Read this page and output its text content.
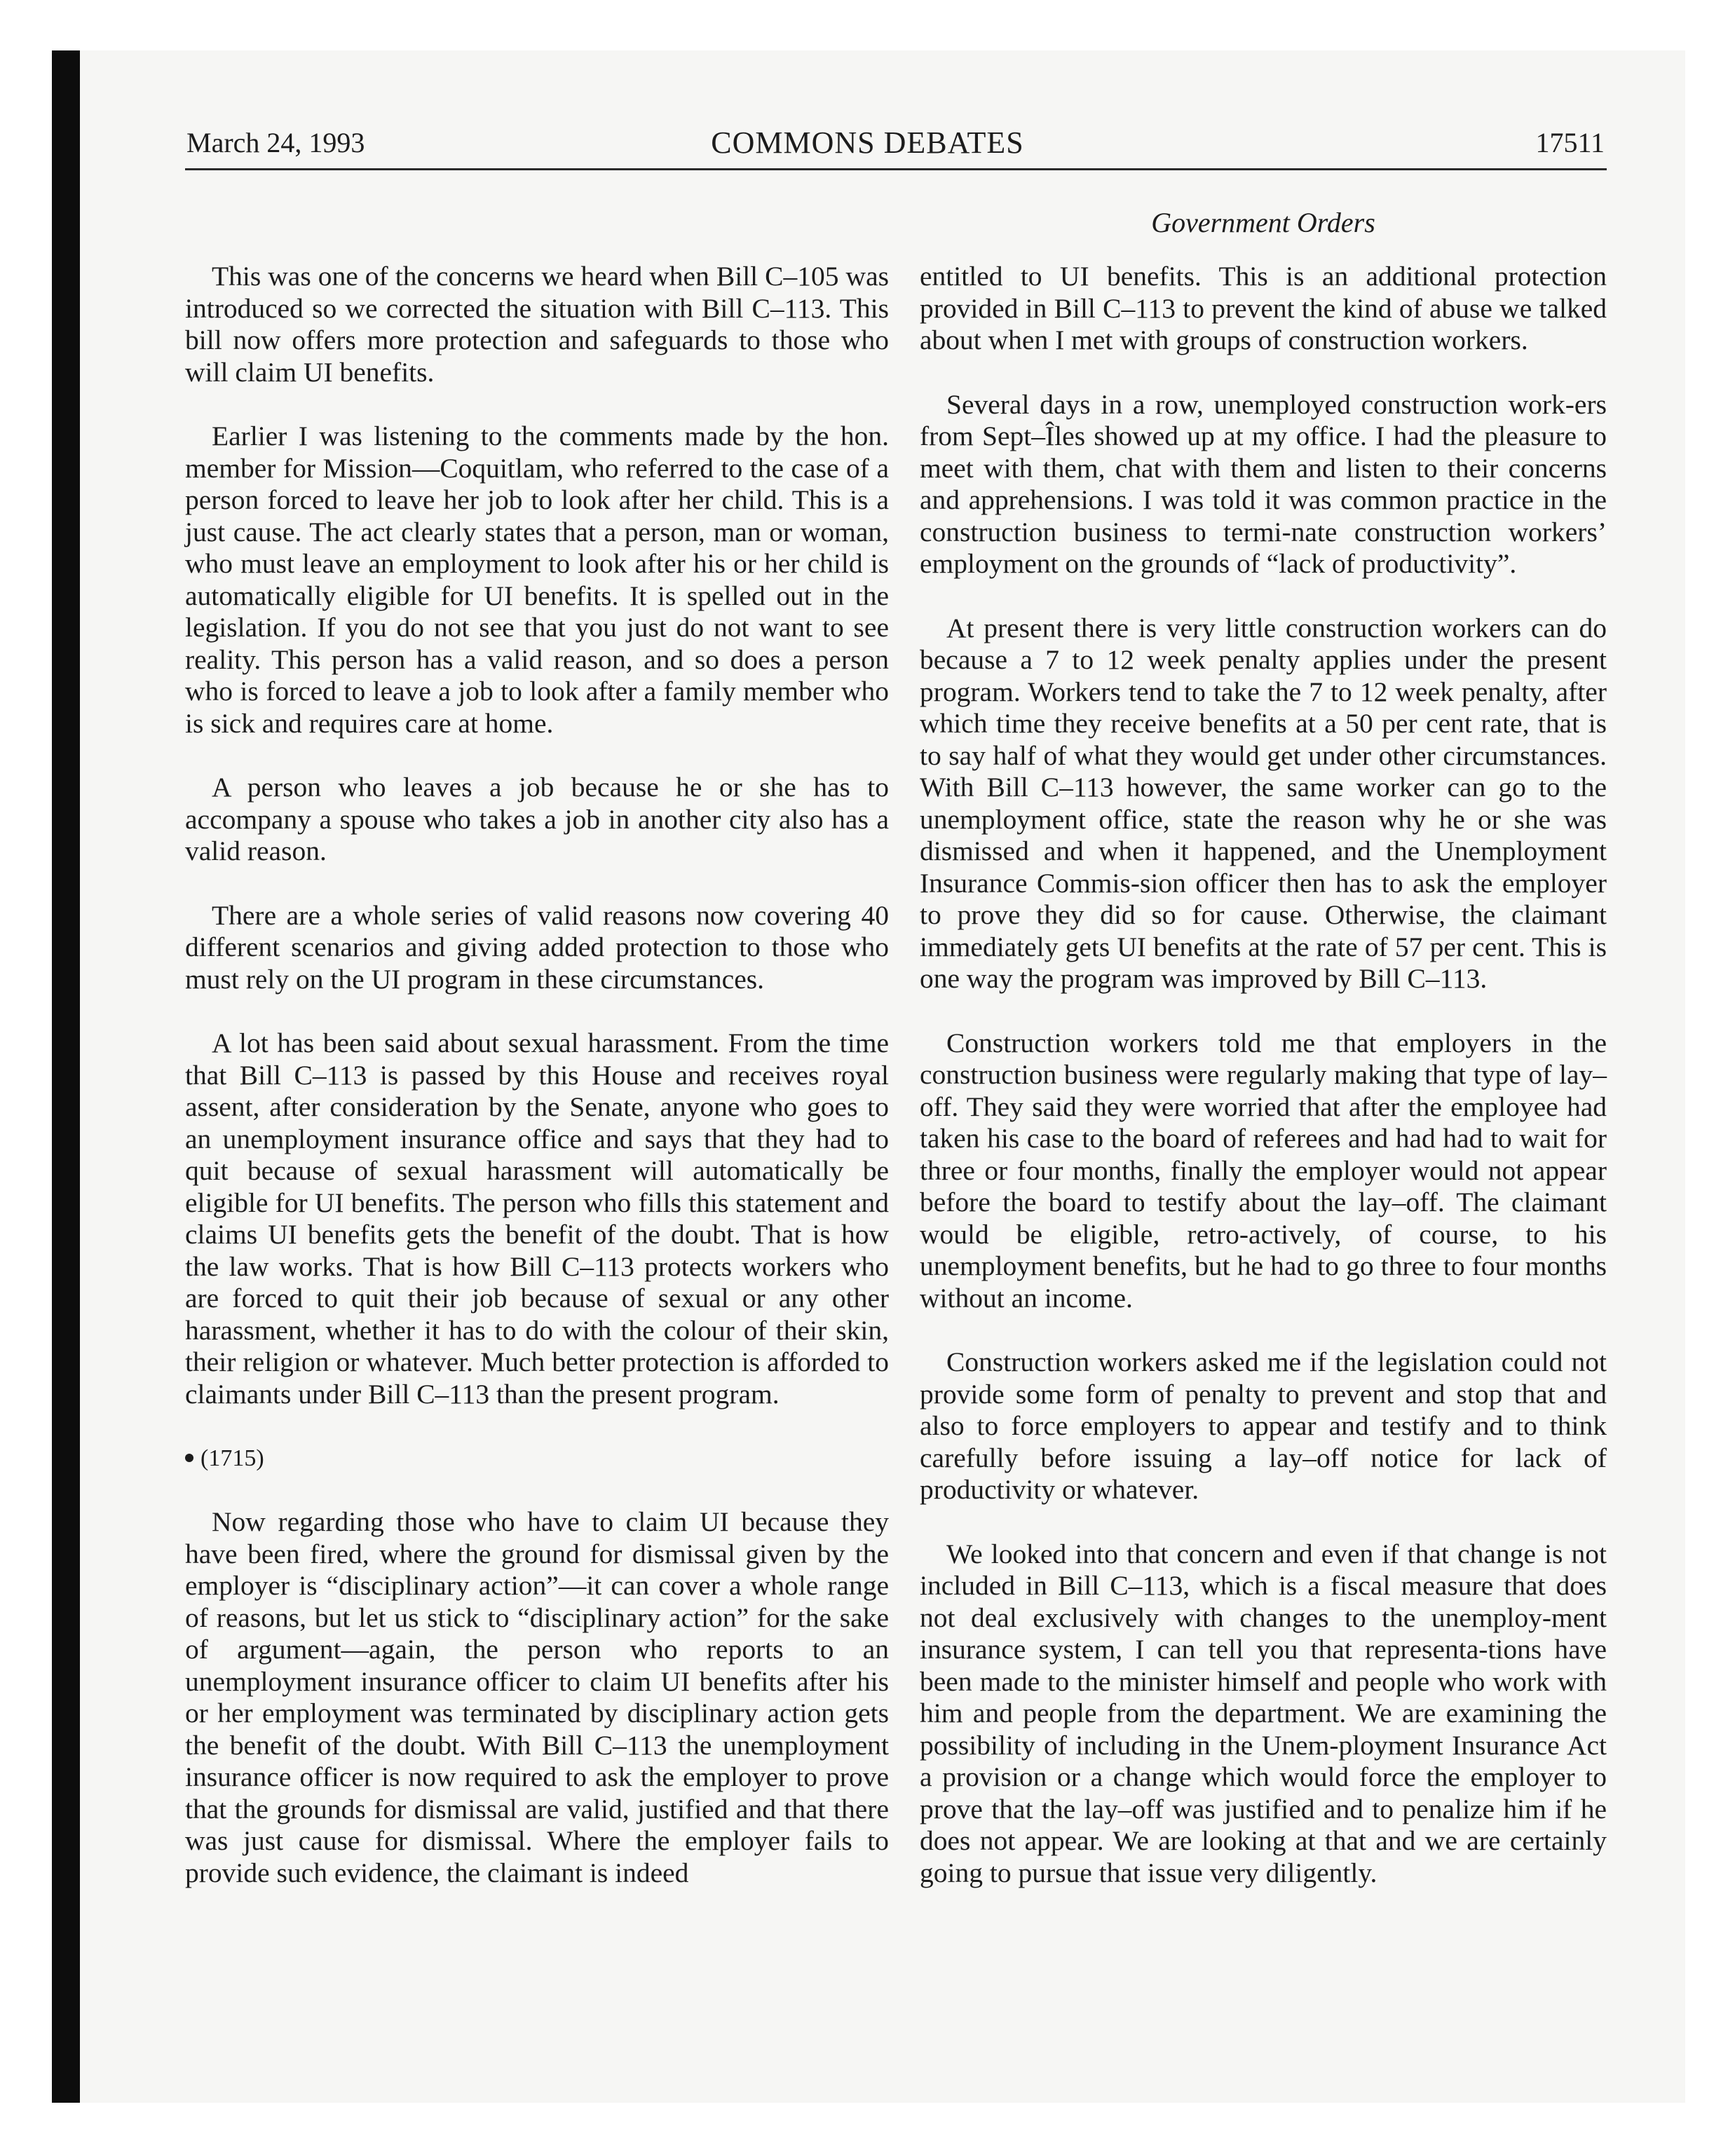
March 24, 1993	COMMONS DEBATES	17511
Government Orders

This was one of the concerns we heard when Bill C–105 was introduced so we corrected the situation with Bill C–113. This bill now offers more protection and safeguards to those who will claim UI benefits.

Earlier I was listening to the comments made by the hon. member for Mission—Coquitlam, who referred to the case of a person forced to leave her job to look after her child. This is a just cause. The act clearly states that a person, man or woman, who must leave an employment to look after his or her child is automatically eligible for UI benefits. It is spelled out in the legislation. If you do not see that you just do not want to see reality. This person has a valid reason, and so does a person who is forced to leave a job to look after a family member who is sick and requires care at home.

A person who leaves a job because he or she has to accompany a spouse who takes a job in another city also has a valid reason.

There are a whole series of valid reasons now covering 40 different scenarios and giving added protection to those who must rely on the UI program in these circumstances.

A lot has been said about sexual harassment. From the time that Bill C–113 is passed by this House and receives royal assent, after consideration by the Senate, anyone who goes to an unemployment insurance office and says that they had to quit because of sexual harassment will automatically be eligible for UI benefits. The person who fills this statement and claims UI benefits gets the benefit of the doubt. That is how the law works. That is how Bill C–113 protects workers who are forced to quit their job because of sexual or any other harassment, whether it has to do with the colour of their skin, their religion or whatever. Much better protection is afforded to claimants under Bill C–113 than the present program.

(1715)

Now regarding those who have to claim UI because they have been fired, where the ground for dismissal given by the employer is “disciplinary action”—it can cover a whole range of reasons, but let us stick to “disciplinary action” for the sake of argument—again, the person who reports to an unemployment insurance officer to claim UI benefits after his or her employment was terminated by disciplinary action gets the benefit of the doubt. With Bill C–113 the unemployment insurance officer is now required to ask the employer to prove that the grounds for dismissal are valid, justified and that there was just cause for dismissal. Where the employer fails to provide such evidence, the claimant is indeed

entitled to UI benefits. This is an additional protection provided in Bill C–113 to prevent the kind of abuse we talked about when I met with groups of construction workers.

Several days in a row, unemployed construction work-ers from Sept–Îles showed up at my office. I had the pleasure to meet with them, chat with them and listen to their concerns and apprehensions. I was told it was common practice in the construction business to termi-nate construction workers’ employment on the grounds of “lack of productivity”.

At present there is very little construction workers can do because a 7 to 12 week penalty applies under the present program. Workers tend to take the 7 to 12 week penalty, after which time they receive benefits at a 50 per cent rate, that is to say half of what they would get under other circumstances. With Bill C–113 however, the same worker can go to the unemployment office, state the reason why he or she was dismissed and when it happened, and the Unemployment Insurance Commis-sion officer then has to ask the employer to prove they did so for cause. Otherwise, the claimant immediately gets UI benefits at the rate of 57 per cent. This is one way the program was improved by Bill C–113.

Construction workers told me that employers in the construction business were regularly making that type of lay–off. They said they were worried that after the employee had taken his case to the board of referees and had had to wait for three or four months, finally the employer would not appear before the board to testify about the lay–off. The claimant would be eligible, retro-actively, of course, to his unemployment benefits, but he had to go three to four months without an income.

Construction workers asked me if the legislation could not provide some form of penalty to prevent and stop that and also to force employers to appear and testify and to think carefully before issuing a lay–off notice for lack of productivity or whatever.

We looked into that concern and even if that change is not included in Bill C–113, which is a fiscal measure that does not deal exclusively with changes to the unemploy-ment insurance system, I can tell you that representa-tions have been made to the minister himself and people who work with him and people from the department. We are examining the possibility of including in the Unem-ployment Insurance Act a provision or a change which would force the employer to prove that the lay–off was justified and to penalize him if he does not appear. We are looking at that and we are certainly going to pursue that issue very diligently.
